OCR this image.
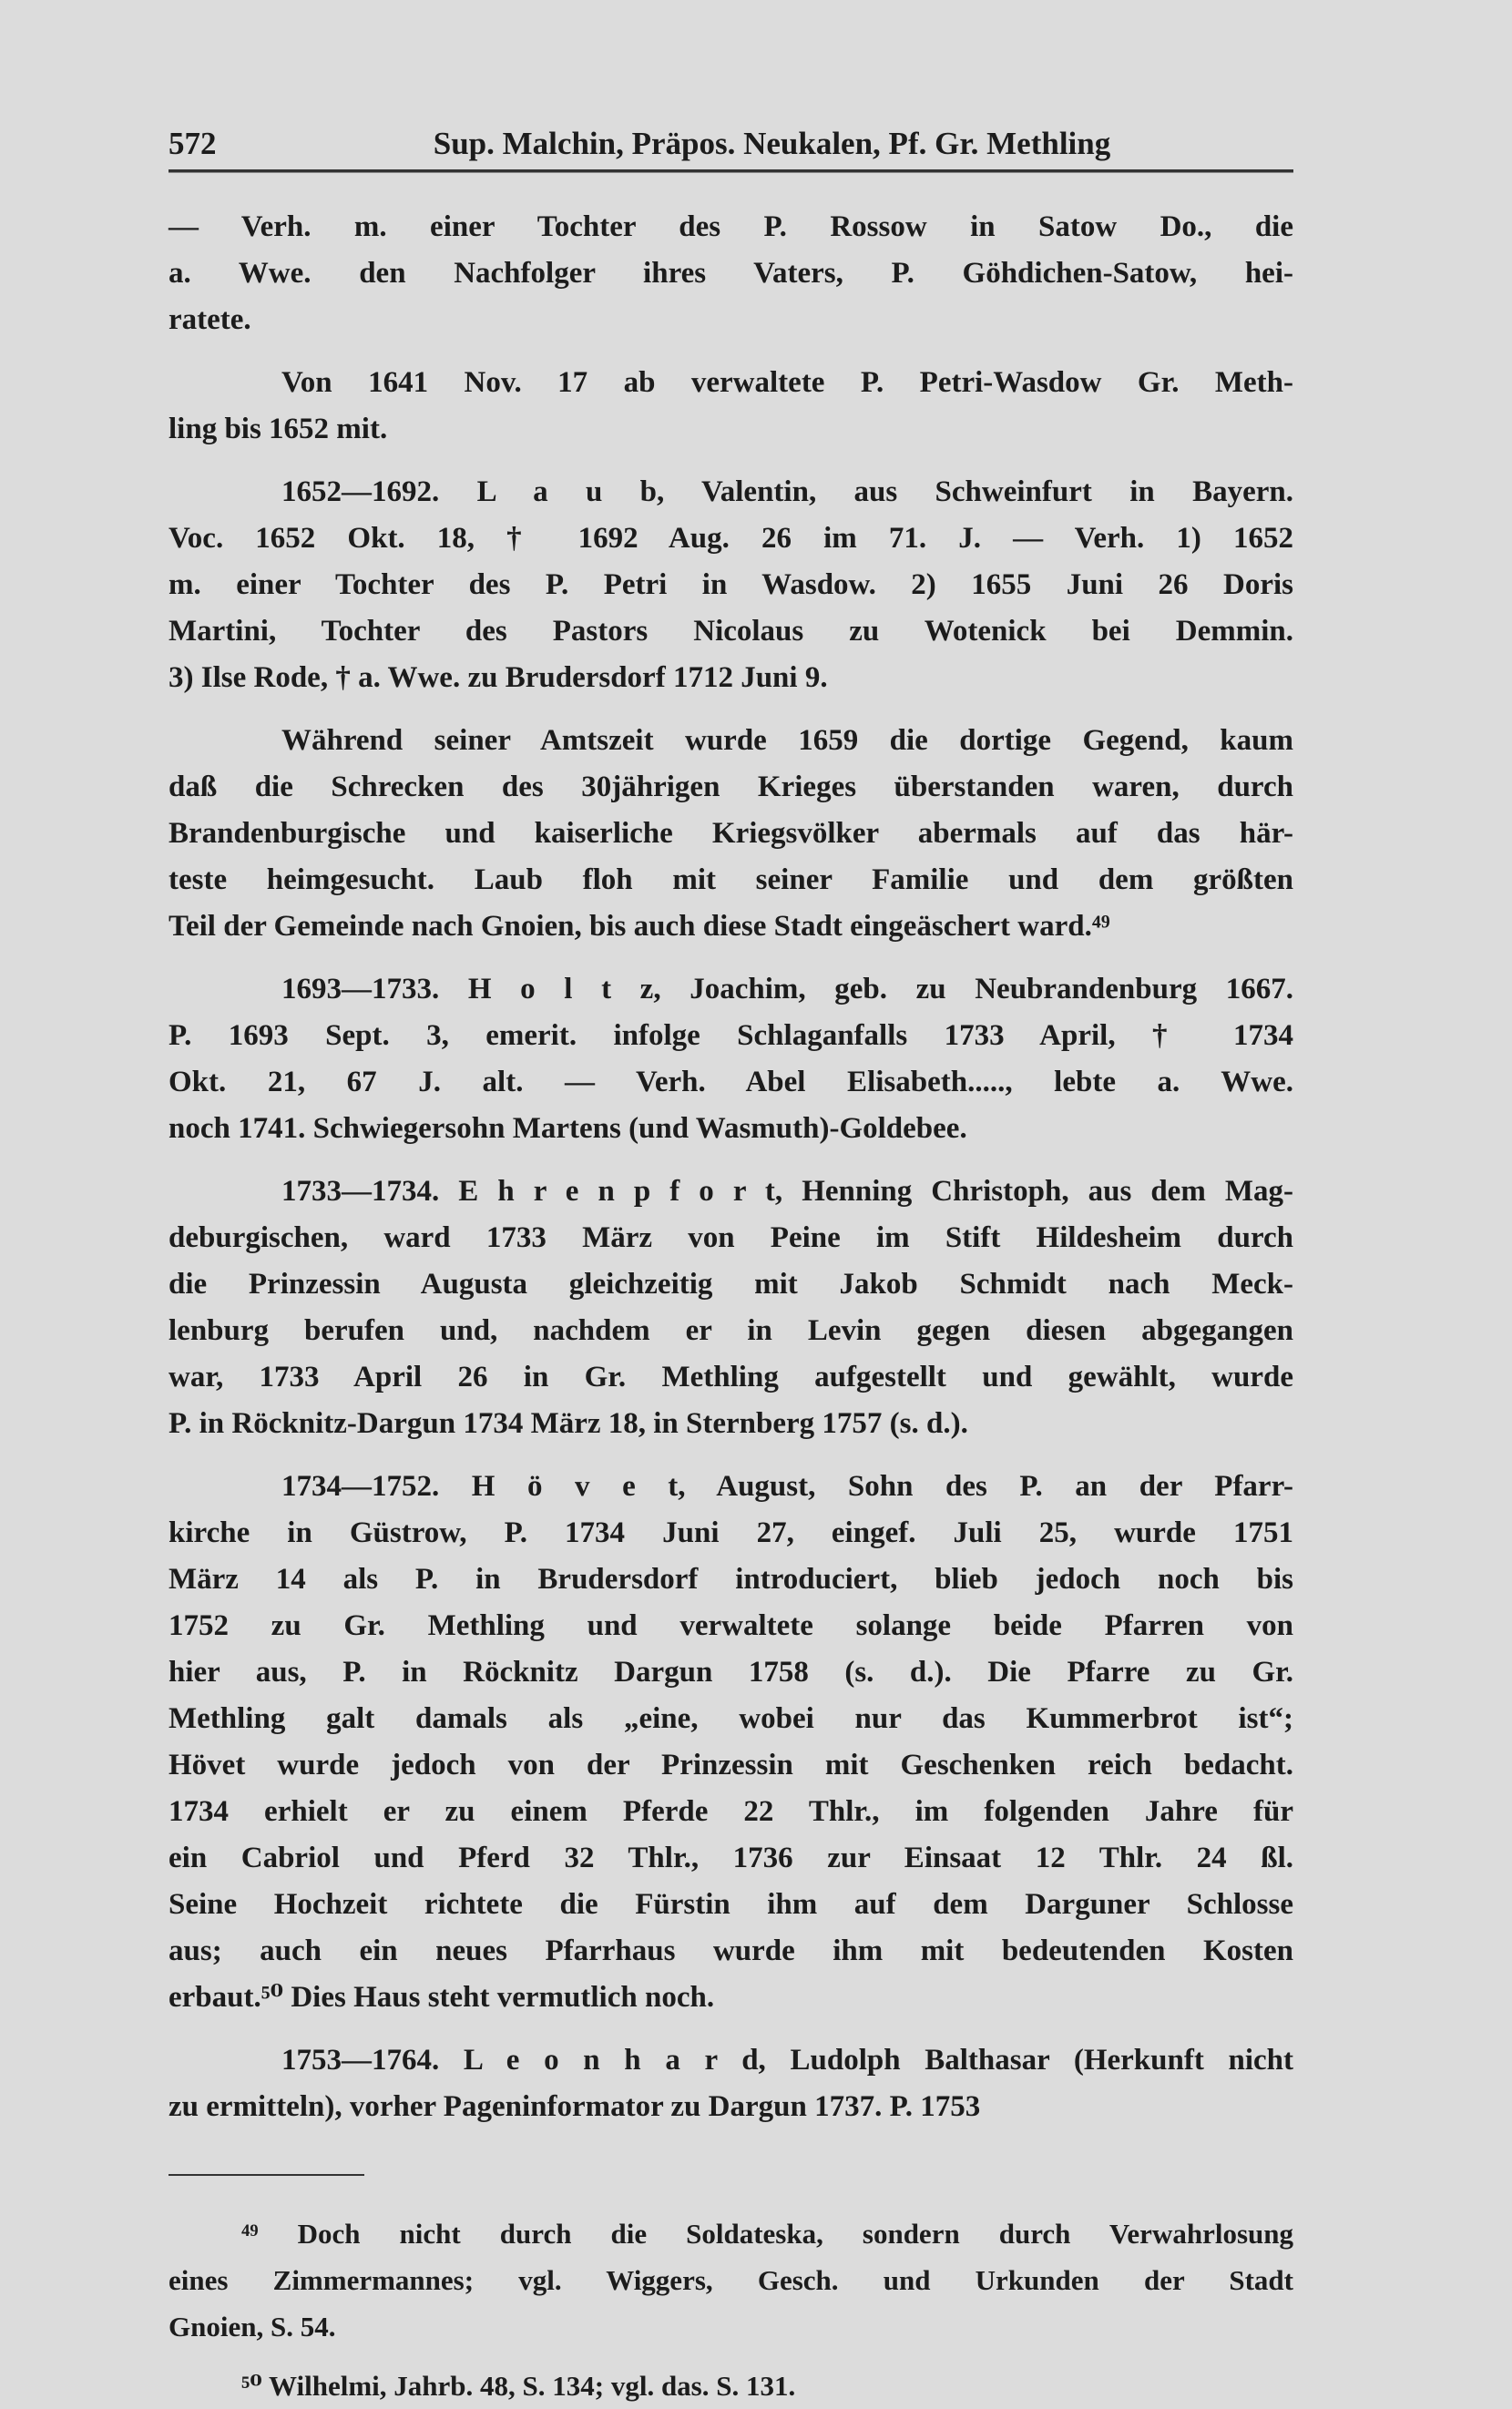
572	Sup. Malchin, Präpos. Neukalen, Pf. Gr. Methling
— Verh. m. einer Tochter des P. Rossow in Satow Do., die
a. Wwe. den Nachfolger ihres Vaters, P. Göhdichen-Satow, hei-
ratete.
Von 1641 Nov. 17 ab verwaltete P. Petri-Wasdow Gr. Meth-
ling bis 1652 mit.
1652—1692. L a u b, Valentin, aus Schweinfurt in Bayern.
Voc. 1652 Okt. 18, † 1692 Aug. 26 im 71. J. — Verh. 1) 1652
m. einer Tochter des P. Petri in Wasdow. 2) 1655 Juni 26 Doris
Martini, Tochter des Pastors Nicolaus zu Wotenick bei Demmin.
3) Ilse Rode, † a. Wwe. zu Brudersdorf 1712 Juni 9.
Während seiner Amtszeit wurde 1659 die dortige Gegend, kaum
daß die Schrecken des 30jährigen Krieges überstanden waren, durch
Brandenburgische und kaiserliche Kriegsvölker abermals auf das här-
teste heimgesucht. Laub floh mit seiner Familie und dem größten
Teil der Gemeinde nach Gnoien, bis auch diese Stadt eingeäschert ward.⁴⁹
1693—1733. H o l t z, Joachim, geb. zu Neubrandenburg 1667.
P. 1693 Sept. 3, emerit. infolge Schlaganfalls 1733 April, † 1734
Okt. 21, 67 J. alt. — Verh. Abel Elisabeth....., lebte a. Wwe.
noch 1741. Schwiegersohn Martens (und Wasmuth)-Goldebee.
1733—1734. E h r e n p f o r t, Henning Christoph, aus dem Mag-
deburgischen, ward 1733 März von Peine im Stift Hildesheim durch
die Prinzessin Augusta gleichzeitig mit Jakob Schmidt nach Meck-
lenburg berufen und, nachdem er in Levin gegen diesen abgegangen
war, 1733 April 26 in Gr. Methling aufgestellt und gewählt, wurde
P. in Röcknitz-Dargun 1734 März 18, in Sternberg 1757 (s. d.).
1734—1752. H ö v e t, August, Sohn des P. an der Pfarr-
kirche in Güstrow, P. 1734 Juni 27, eingef. Juli 25, wurde 1751
März 14 als P. in Brudersdorf introduciert, blieb jedoch noch bis
1752 zu Gr. Methling und verwaltete solange beide Pfarren von
hier aus, P. in Röcknitz Dargun 1758 (s. d.). Die Pfarre zu Gr.
Methling galt damals als „eine, wobei nur das Kummerbrot ist“;
Hövet wurde jedoch von der Prinzessin mit Geschenken reich bedacht.
1734 erhielt er zu einem Pferde 22 Thlr., im folgenden Jahre für
ein Cabriol und Pferd 32 Thlr., 1736 zur Einsaat 12 Thlr. 24 ßl.
Seine Hochzeit richtete die Fürstin ihm auf dem Darguner Schlosse
aus; auch ein neues Pfarrhaus wurde ihm mit bedeutenden Kosten
erbaut.⁵⁰ Dies Haus steht vermutlich noch.
1753—1764. L e o n h a r d, Ludolph Balthasar (Herkunft nicht
zu ermitteln), vorher Pageninformator zu Dargun 1737. P. 1753
⁴⁹ Doch nicht durch die Soldateska, sondern durch Verwahrlosung
eines Zimmermannes; vgl. Wiggers, Gesch. und Urkunden der Stadt
Gnoien, S. 54.
⁵⁰ Wilhelmi, Jahrb. 48, S. 134; vgl. das. S. 131.
